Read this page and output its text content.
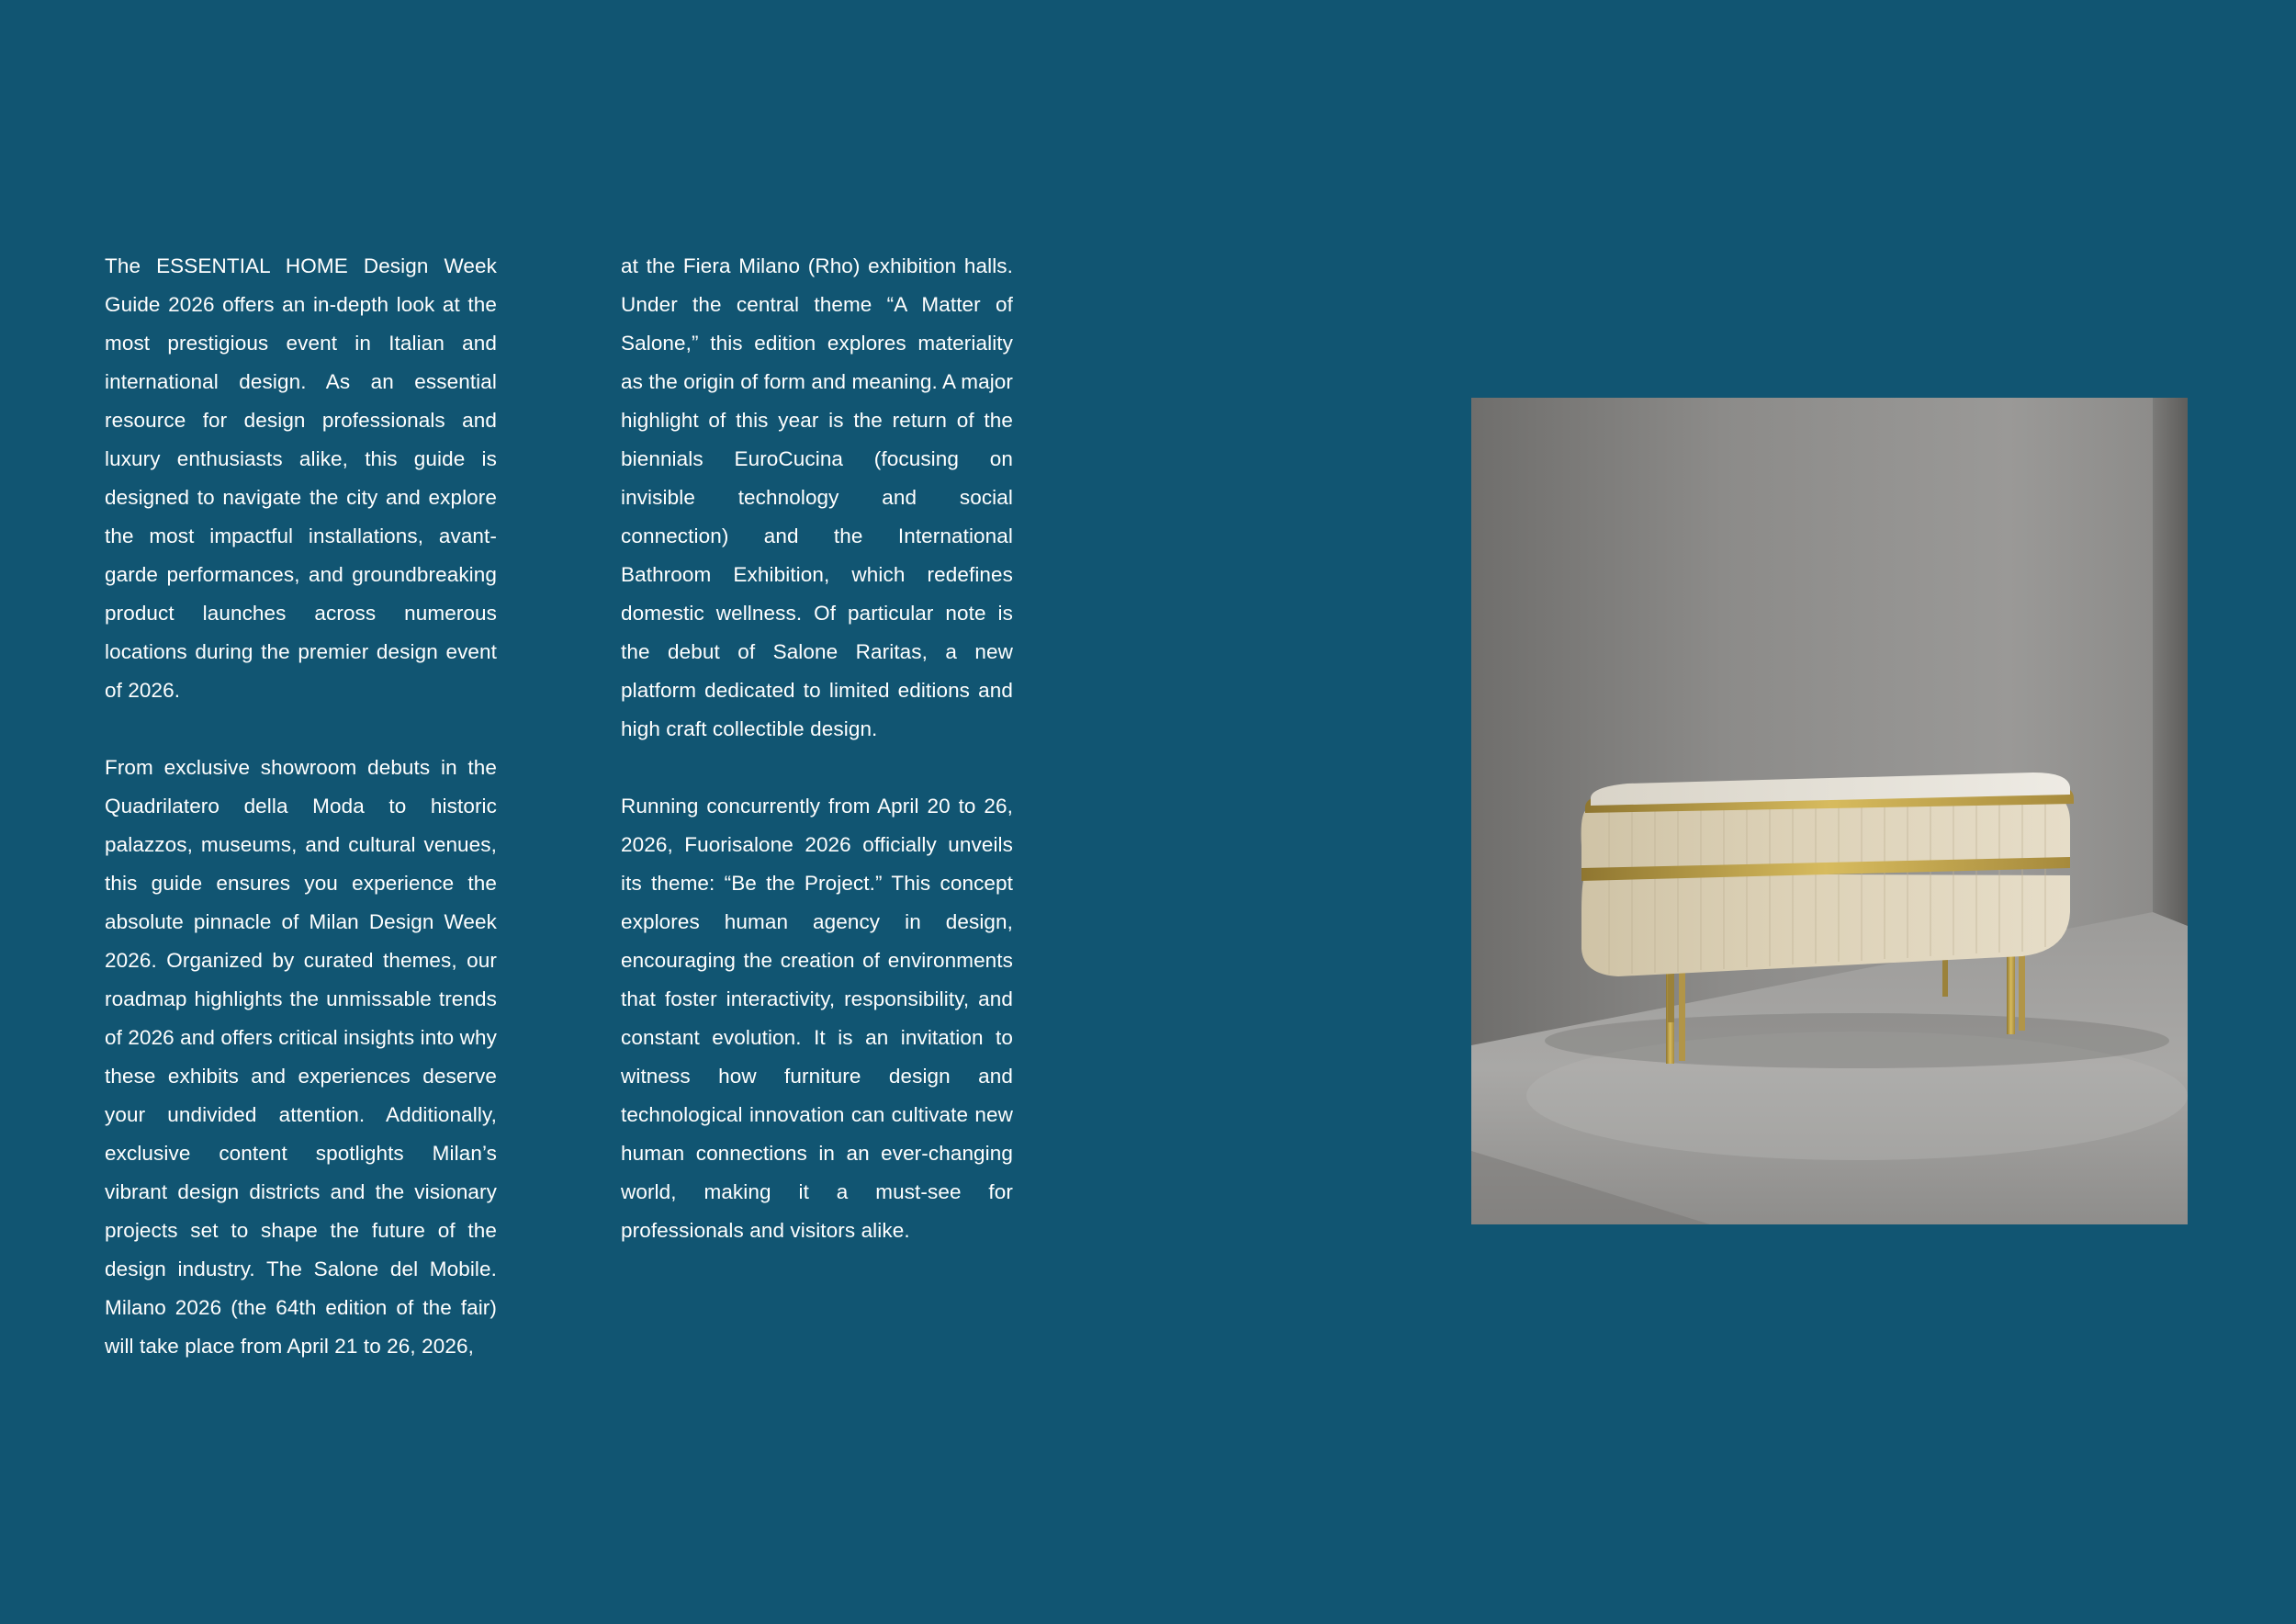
The ESSENTIAL HOME Design Week Guide 2026 offers an in-depth look at the most prestigious event in Italian and international design. As an essential resource for design professionals and luxury enthusiasts alike, this guide is designed to navigate the city and explore the most impactful installations, avant-garde performances, and groundbreaking product launches across numerous locations during the premier design event of 2026.

From exclusive showroom debuts in the Quadrilatero della Moda to historic palazzos, museums, and cultural venues, this guide ensures you experience the absolute pinnacle of Milan Design Week 2026. Organized by curated themes, our roadmap highlights the unmissable trends of 2026 and offers critical insights into why these exhibits and experiences deserve your undivided attention. Additionally, exclusive content spotlights Milan’s vibrant design districts and the visionary projects set to shape the future of the design industry. The Salone del Mobile. Milano 2026 (the 64th edition of the fair) will take place from April 21 to 26, 2026,

at the Fiera Milano (Rho) exhibition halls. Under the central theme “A Matter of Salone,” this edition explores materiality as the origin of form and meaning. A major highlight of this year is the return of the biennials EuroCucina (focusing on invisible technology and social connection) and the International Bathroom Exhibition, which redefines domestic wellness. Of particular note is the debut of Salone Raritas, a new platform dedicated to limited editions and high craft collectible design.

Running concurrently from April 20 to 26, 2026, Fuorisalone 2026 officially unveils its theme: “Be the Project.” This concept explores human agency in design, encouraging the creation of environments that foster interactivity, responsibility, and constant evolution. It is an invitation to witness how furniture design and technological innovation can cultivate new human connections in an ever-changing world, making it a must-see for professionals and visitors alike.
